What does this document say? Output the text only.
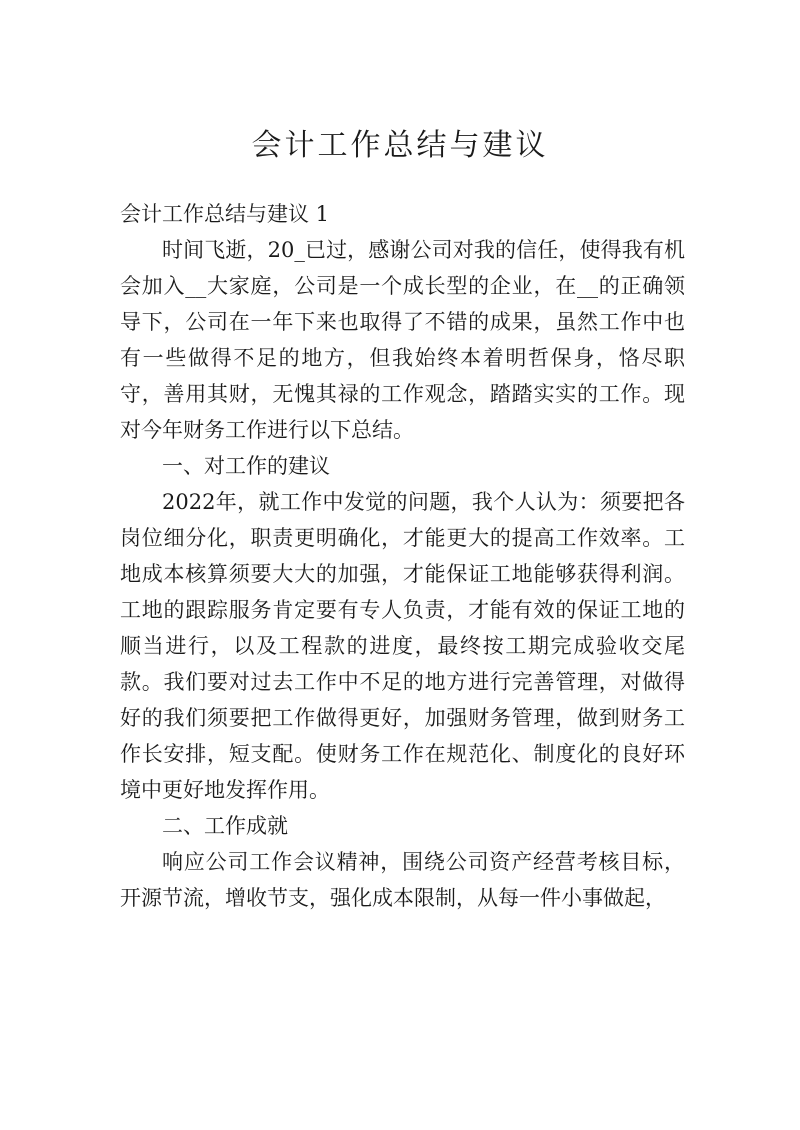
会计工作总结与建议

会计工作总结与建议 1

时间飞逝，20_已过，感谢公司对我的信任，使得我有机会加入__大家庭，公司是一个成长型的企业，在__的正确领导下，公司在一年下来也取得了不错的成果，虽然工作中也有一些做得不足的地方，但我始终本着明哲保身，恪尽职守，善用其财，无愧其禄的工作观念，踏踏实实的工作。现对今年财务工作进行以下总结。

一、对工作的建议

2022年，就工作中发觉的问题，我个人认为：须要把各岗位细分化，职责更明确化，才能更大的提高工作效率。工地成本核算须要大大的加强，才能保证工地能够获得利润。工地的跟踪服务肯定要有专人负责，才能有效的保证工地的顺当进行，以及工程款的进度，最终按工期完成验收交尾款。我们要对过去工作中不足的地方进行完善管理，对做得好的我们须要把工作做得更好，加强财务管理，做到财务工作长安排，短支配。使财务工作在规范化、制度化的良好环境中更好地发挥作用。

二、工作成就

响应公司工作会议精神，围绕公司资产经营考核目标，开源节流，增收节支，强化成本限制，从每一件小事做起，
